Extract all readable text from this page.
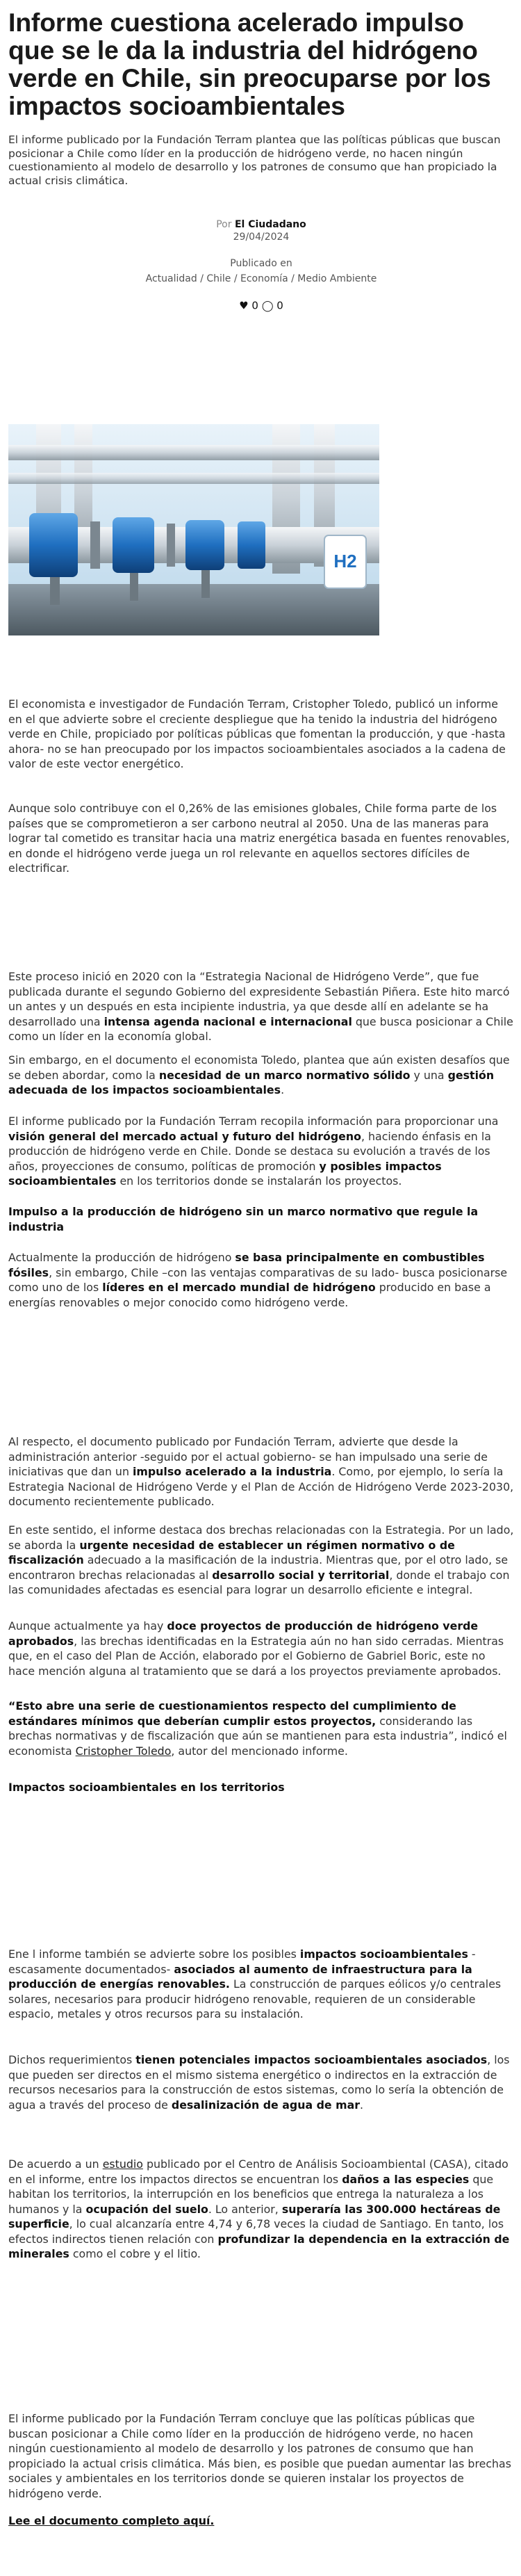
Informe cuestiona acelerado impulso que se le da la industria del hidrógeno verde en Chile, sin preocuparse por los impactos socioambientales
El informe publicado por la Fundación Terram plantea que las políticas públicas que buscan posicionar a Chile como líder en la producción de hidrógeno verde, no hacen ningún cuestionamiento al modelo de desarrollo y los patrones de consumo que han propiciado la actual crisis climática.
Por El Ciudadano
29/04/2024
Publicado en
Actualidad / Chile / Economía / Medio Ambiente
♥ 0 ◯ 0
H2

El economista e investigador de Fundación Terram, Cristopher Toledo, publicó un informe en el que advierte sobre el creciente despliegue que ha tenido la industria del hidrógeno verde en Chile, propiciado por políticas públicas que fomentan la producción, y que -hasta ahora- no se han preocupado por los impactos socioambientales asociados a la cadena de valor de este vector energético.

Aunque solo contribuye con el 0,26% de las emisiones globales, Chile forma parte de los países que se comprometieron a ser carbono neutral al 2050. Una de las maneras para lograr tal cometido es transitar hacia una matriz energética basada en fuentes renovables, en donde el hidrógeno verde juega un rol relevante en aquellos sectores difíciles de electrificar.

Este proceso inició en 2020 con la “Estrategia Nacional de Hidrógeno Verde”, que fue publicada durante el segundo Gobierno del expresidente Sebastián Piñera. Este hito marcó un antes y un después en esta incipiente industria, ya que desde allí en adelante se ha desarrollado una intensa agenda nacional e internacional que busca posicionar a Chile como un líder en la economía global.

Sin embargo, en el documento el economista Toledo, plantea que aún existen desafíos que se deben abordar, como la necesidad de un marco normativo sólido y una gestión adecuada de los impactos socioambientales.

El informe publicado por la Fundación Terram recopila información para proporcionar una visión general del mercado actual y futuro del hidrógeno, haciendo énfasis en la producción de hidrógeno verde en Chile. Donde se destaca su evolución a través de los años, proyecciones de consumo, políticas de promoción y posibles impactos socioambientales en los territorios donde se instalarán los proyectos.

Impulso a la producción de hidrógeno sin un marco normativo que regule la industria

Actualmente la producción de hidrógeno se basa principalmente en combustibles fósiles, sin embargo, Chile –con las ventajas comparativas de su lado- busca posicionarse como uno de los líderes en el mercado mundial de hidrógeno producido en base a energías renovables o mejor conocido como hidrógeno verde.

Al respecto, el documento publicado por Fundación Terram, advierte que desde la administración anterior -seguido por el actual gobierno- se han impulsado una serie de iniciativas que dan un impulso acelerado a la industria. Como, por ejemplo, lo sería la Estrategia Nacional de Hidrógeno Verde y el Plan de Acción de Hidrógeno Verde 2023-2030, documento recientemente publicado.

En este sentido, el informe destaca dos brechas relacionadas con la Estrategia. Por un lado, se aborda la urgente necesidad de establecer un régimen normativo o de fiscalización adecuado a la masificación de la industria. Mientras que, por el otro lado, se encontraron brechas relacionadas al desarrollo social y territorial, donde el trabajo con las comunidades afectadas es esencial para lograr un desarrollo eficiente e integral.

Aunque actualmente ya hay doce proyectos de producción de hidrógeno verde aprobados, las brechas identificadas en la Estrategia aún no han sido cerradas. Mientras que, en el caso del Plan de Acción, elaborado por el Gobierno de Gabriel Boric, este no hace mención alguna al tratamiento que se dará a los proyectos previamente aprobados.

“Esto abre una serie de cuestionamientos respecto del cumplimiento de estándares mínimos que deberían cumplir estos proyectos, considerando las brechas normativas y de fiscalización que aún se mantienen para esta industria”, indicó el economista Cristopher Toledo, autor del mencionado informe.

Impactos socioambientales en los territorios

Ene l informe también se advierte sobre los posibles impactos socioambientales -escasamente documentados- asociados al aumento de infraestructura para la producción de energías renovables. La construcción de parques eólicos y/o centrales solares, necesarios para producir hidrógeno renovable, requieren de un considerable espacio, metales y otros recursos para su instalación.

Dichos requerimientos tienen potenciales impactos socioambientales asociados, los que pueden ser directos en el mismo sistema energético o indirectos en la extracción de recursos necesarios para la construcción de estos sistemas, como lo sería la obtención de agua a través del proceso de desalinización de agua de mar.

De acuerdo a un estudio publicado por el Centro de Análisis Socioambiental (CASA), citado en el informe, entre los impactos directos se encuentran los daños a las especies que habitan los territorios, la interrupción en los beneficios que entrega la naturaleza a los humanos y la ocupación del suelo. Lo anterior, superaría las 300.000 hectáreas de superficie, lo cual alcanzaría entre 4,74 y 6,78 veces la ciudad de Santiago. En tanto, los efectos indirectos tienen relación con profundizar la dependencia en la extracción de minerales como el cobre y el litio.

El informe publicado por la Fundación Terram concluye que las políticas públicas que buscan posicionar a Chile como líder en la producción de hidrógeno verde, no hacen ningún cuestionamiento al modelo de desarrollo y los patrones de consumo que han propiciado la actual crisis climática. Más bien, es posible que puedan aumentar las brechas sociales y ambientales en los territorios donde se quieren instalar los proyectos de hidrógeno verde.

Lee el documento completo aquí.
